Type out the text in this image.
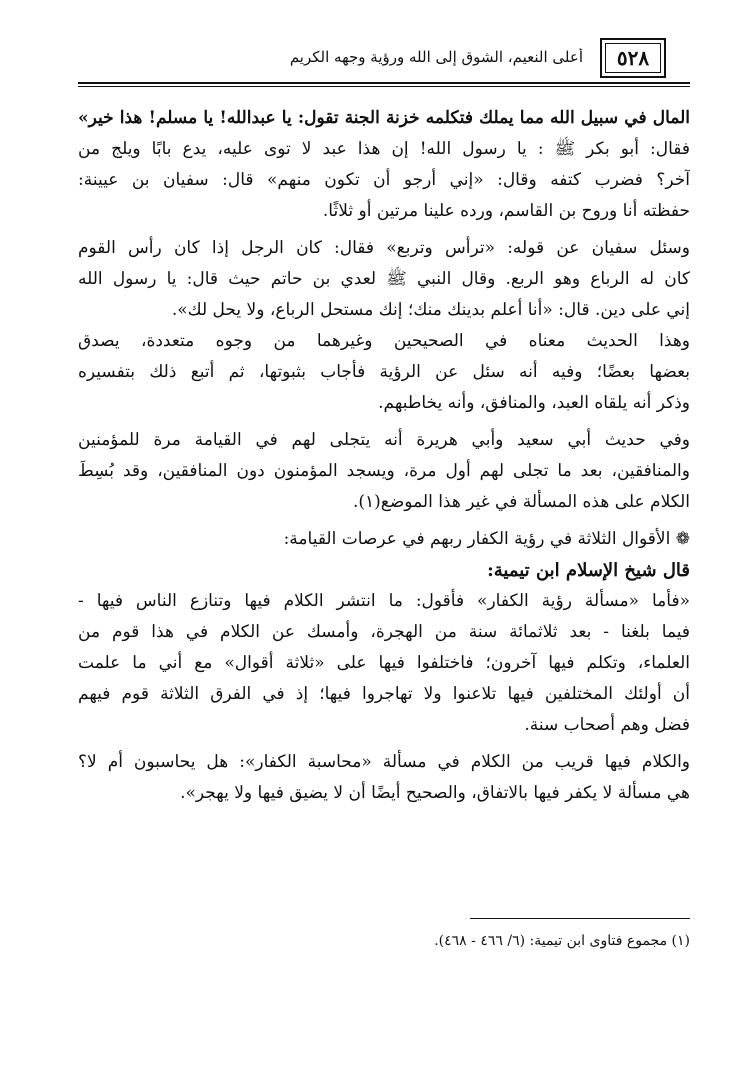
٥٢٨
أعلى النعيم، الشوق إلى الله ورؤية وجهه الكريم
المال في سبيل الله مما يملك فتكلمه خزنة الجنة تقول: يا عبدالله! يا مسلم! هذا خير»
فقال: أبو بكر ﷺ : يا رسول الله! إن هذا عبد لا توى عليه، يدع بابًا ويلج من
آخر؟ فضرب كتفه وقال: «إني أرجو أن تكون منهم» قال: سفيان بن عيينة:
حفظته أنا وروح بن القاسم، ورده علينا مرتين أو ثلاثًا.
وسئل سفيان عن قوله: «ترأس وتربع» فقال: كان الرجل إذا كان رأس القوم
كان له الرباع وهو الربع. وقال النبي ﷺ لعدي بن حاتم حيث قال: يا رسول الله
إني على دين. قال: «أنا أعلم بدينك منك؛ إنك مستحل الرباع، ولا يحل لك».
وهذا الحديث معناه في الصحيحين وغيرهما من وجوه متعددة، يصدق
بعضها بعضًا؛ وفيه أنه سئل عن الرؤية فأجاب بثبوتها، ثم أتبع ذلك بتفسيره
وذكر أنه يلقاه العبد، والمنافق، وأنه يخاطبهم.
وفي حديث أبي سعيد وأبي هريرة أنه يتجلى لهم في القيامة مرة للمؤمنين
والمنافقين، بعد ما تجلى لهم أول مرة، ويسجد المؤمنون دون المنافقين، وقد بُسِطَ
الكلام على هذه المسألة في غير هذا الموضع(١).
❁ الأقوال الثلاثة في رؤية الكفار ربهم في عرصات القيامة:
قال شيخ الإسلام ابن تيمية:
«فأما «مسألة رؤية الكفار» فأقول: ما انتشر الكلام فيها وتنازع الناس فيها -
فيما بلغنا - بعد ثلاثمائة سنة من الهجرة، وأمسك عن الكلام في هذا قوم من
العلماء، وتكلم فيها آخرون؛ فاختلفوا فيها على «ثلاثة أقوال» مع أني ما علمت
أن أولئك المختلفين فيها تلاعنوا ولا تهاجروا فيها؛ إذ في الفرق الثلاثة قوم فيهم
فضل وهم أصحاب سنة.
والكلام فيها قريب من الكلام في مسألة «محاسبة الكفار»: هل يحاسبون أم لا؟
هي مسألة لا يكفر فيها بالاتفاق، والصحيح أيضًا أن لا يضيق فيها ولا يهجر».
(١) مجموع فتاوى ابن تيمية: (٦/ ٤٦٦ - ٤٦٨).
